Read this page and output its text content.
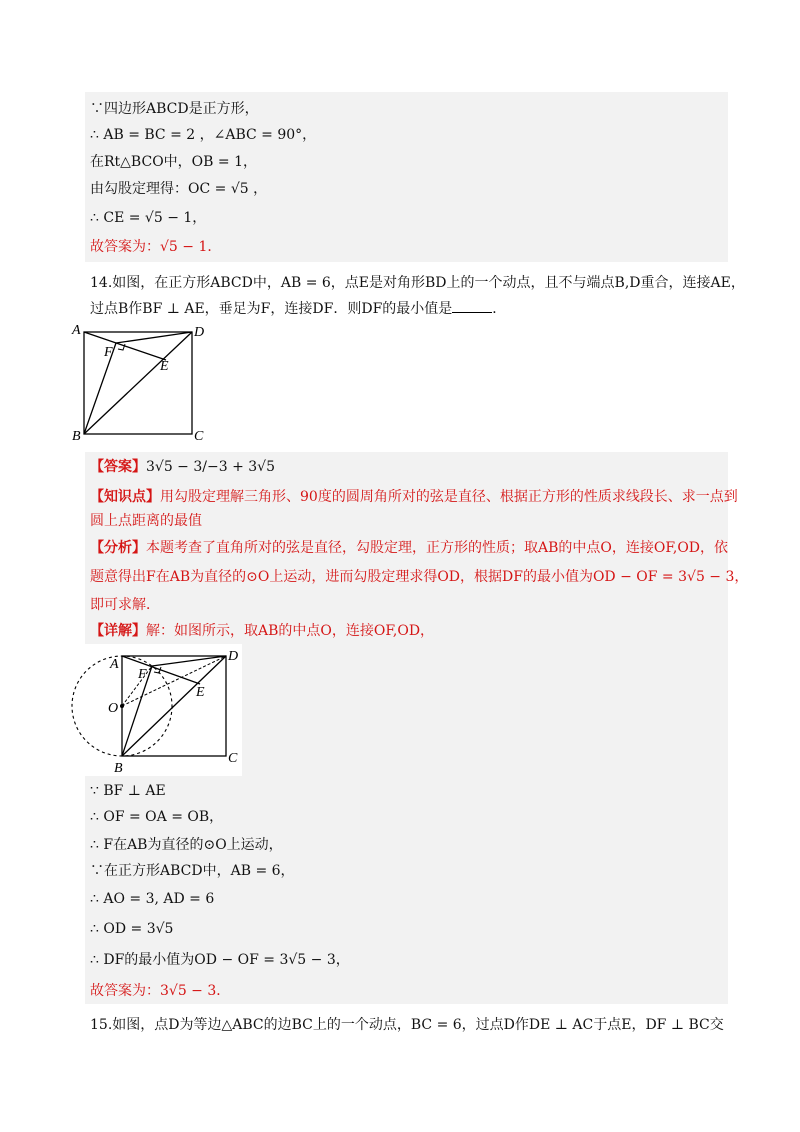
∵四边形ABCD是正方形，
∴ AB = BC = 2 ，∠ABC = 90°，
在Rt△BCO中，OB = 1，
由勾股定理得：OC = √5 ，
∴ CE = √5 − 1，
故答案为：√5 − 1．
14.如图，在正方形ABCD中，AB = 6，点E是对角形BD上的一个动点，且不与端点B,D重合，连接AE，
过点B作BF ⊥ AE，垂足为F，连接DF．则DF的最小值是	．
A	D
B	C
F
E
【答案】3√5 − 3/−3 + 3√5
【知识点】用勾股定理解三角形、90度的圆周角所对的弦是直径、根据正方形的性质求线段长、求一点到
圆上点距离的最值
【分析】本题考查了直角所对的弦是直径，勾股定理，正方形的性质；取AB的中点O，连接OF,OD，依
题意得出F在AB为直径的⊙O上运动，进而勾股定理求得OD，根据DF的最小值为OD − OF = 3√5 − 3，
即可求解．
【详解】解：如图所示，取AB的中点O，连接OF,OD，
A
D
B
C
F
E
O
∵ BF ⊥ AE
∴ OF = OA = OB，
∴ F在AB为直径的⊙O上运动，
∵在正方形ABCD中，AB = 6，
∴ AO = 3, AD = 6
∴ OD = 3√5
∴ DF的最小值为OD − OF = 3√5 − 3，
故答案为：3√5 − 3．
15.如图，点D为等边△ABC的边BC上的一个动点，BC = 6，过点D作DE ⊥ AC于点E，DF ⊥ BC交
